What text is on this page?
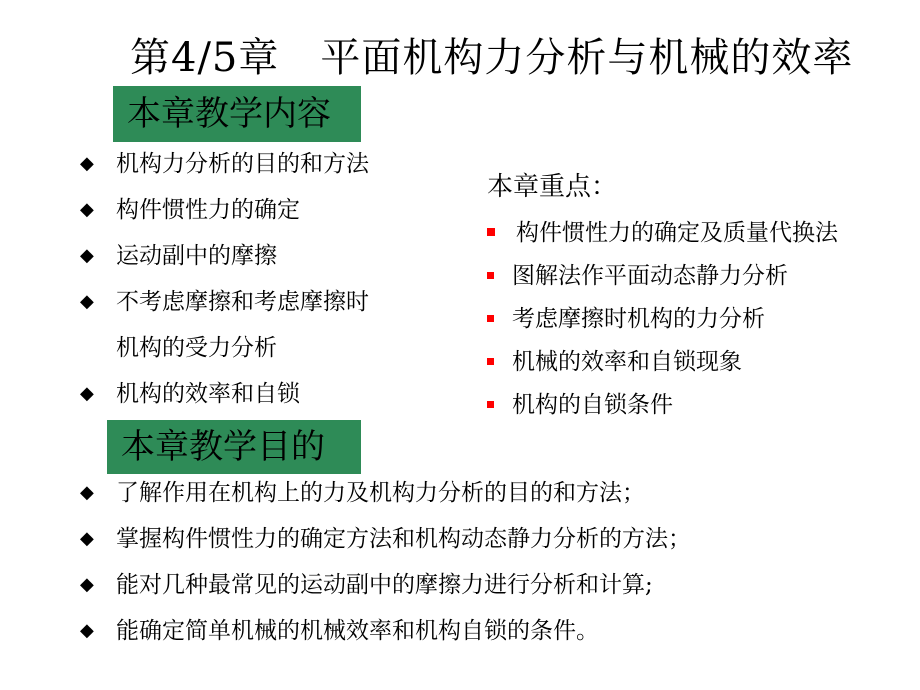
第4/5章　平面机构力分析与机械的效率
本章教学内容
◆ 机构力分析的目的和方法
◆ 构件惯性力的确定
◆ 运动副中的摩擦
◆ 不考虑摩擦和考虑摩擦时
机构的受力分析
◆ 机构的效率和自锁
本章重点：
构件惯性力的确定及质量代换法
图解法作平面动态静力分析
考虑摩擦时机构的力分析
机械的效率和自锁现象
机构的自锁条件
本章教学目的
◆ 了解作用在机构上的力及机构力分析的目的和方法；
◆ 掌握构件惯性力的确定方法和机构动态静力分析的方法；
◆ 能对几种最常见的运动副中的摩擦力进行分析和计算;
◆ 能确定简单机械的机械效率和机构自锁的条件。
